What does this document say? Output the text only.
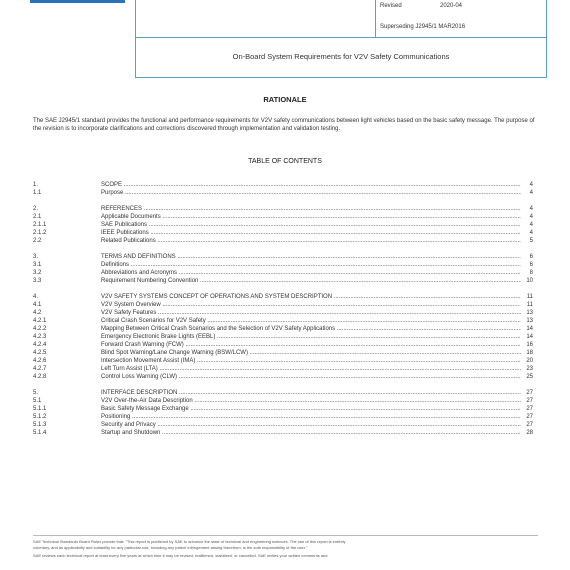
Revised	2020-04
Superseding J2945/1 MAR2016
On-Board System Requirements for V2V Safety Communications
RATIONALE
The SAE J2945/1 standard provides the functional and performance requirements for V2V safety communications between light vehicles based on the basic safety message. The purpose of the revision is to incorporate clarifications and corrections discovered through implementation and validation testing.
TABLE OF CONTENTS
1.	SCOPE .....	4
1.1	Purpose .....	4
2.	REFERENCES .....	4
2.1	Applicable Documents .....	4
2.1.1	SAE Publications .....	4
2.1.2	IEEE Publications .....	4
2.2	Related Publications .....	5
3.	TERMS AND DEFINITIONS .....	6
3.1	Definitions .....	6
3.2	Abbreviations and Acronyms .....	8
3.3	Requirement Numbering Convention .....	10
4.	V2V SAFETY SYSTEMS CONCEPT OF OPERATIONS AND SYSTEM DESCRIPTION .....	11
4.1	V2V System Overview .....	11
4.2	V2V Safety Features .....	13
4.2.1	Critical Crash Scenarios for V2V Safety .....	13
4.2.2	Mapping Between Critical Crash Scenarios and the Selection of V2V Safety Applications .....	14
4.2.3	Emergency Electronic Brake Lights (EEBL) .....	14
4.2.4	Forward Crash Warning (FCW) .....	16
4.2.5	Blind Spot Warning/Lane Change Warning (BSW/LCW) .....	18
4.2.6	Intersection Movement Assist (IMA) .....	20
4.2.7	Left Turn Assist (LTA) .....	23
4.2.8	Control Loss Warning (CLW) .....	25
5.	INTERFACE DESCRIPTION .....	27
5.1	V2V Over-the-Air Data Description .....	27
5.1.1	Basic Safety Message Exchange .....	27
5.1.2	Positioning .....	27
5.1.3	Security and Privacy .....	27
5.1.4	Startup and Shutdown .....	28
SAE Technical Standards Board Rules provide that: "This report is published by SAE to advance the state of technical and engineering sciences. The use of this report is entirely
voluntary, and its applicability and suitability for any particular use, including any patent infringement arising therefrom, is the sole responsibility of the user."
SAE reviews each technical report at least every five years at which time it may be revised, reaffirmed, stabilized, or cancelled. SAE invites your written comments and
